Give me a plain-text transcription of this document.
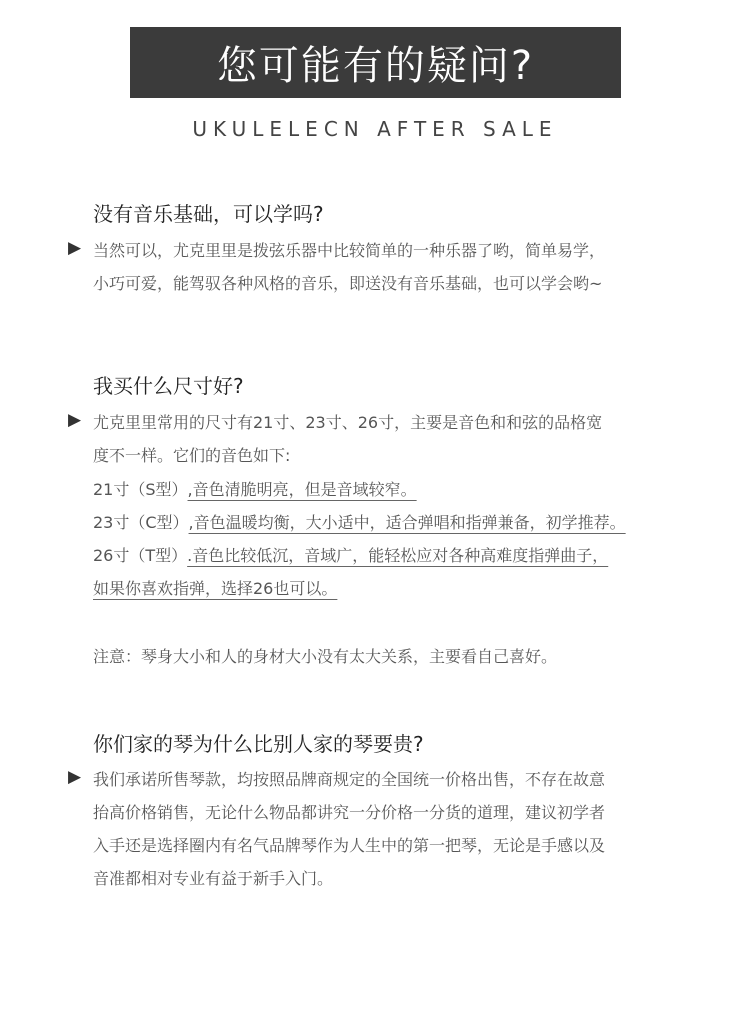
您可能有的疑问?
UKULELECN AFTER SALE
没有音乐基础，可以学吗?
▶ 当然可以，尤克里里是拨弦乐器中比较简单的一种乐器了哟，简单易学，
小巧可爱，能驾驭各种风格的音乐，即送没有音乐基础，也可以学会哟~
我买什么尺寸好?
▶ 尤克里里常用的尺寸有21寸、23寸、26寸，主要是音色和和弦的品格宽
度不一样。它们的音色如下:
21寸（S型）,音色清脆明亮，但是音域较窄。
23寸（C型）,音色温暖均衡，大小适中，适合弹唱和指弹兼备，初学推荐。
26寸（T型）.音色比较低沉，音域广，能轻松应对各种高难度指弹曲子，
如果你喜欢指弹，选择26也可以。
注意：琴身大小和人的身材大小没有太大关系，主要看自己喜好。
你们家的琴为什么比别人家的琴要贵?
▶ 我们承诺所售琴款，均按照品牌商规定的全国统一价格出售，不存在故意
抬高价格销售，无论什么物品都讲究一分价格一分货的道理，建议初学者
入手还是选择圈内有名气品牌琴作为人生中的第一把琴，无论是手感以及
音准都相对专业有益于新手入门。
